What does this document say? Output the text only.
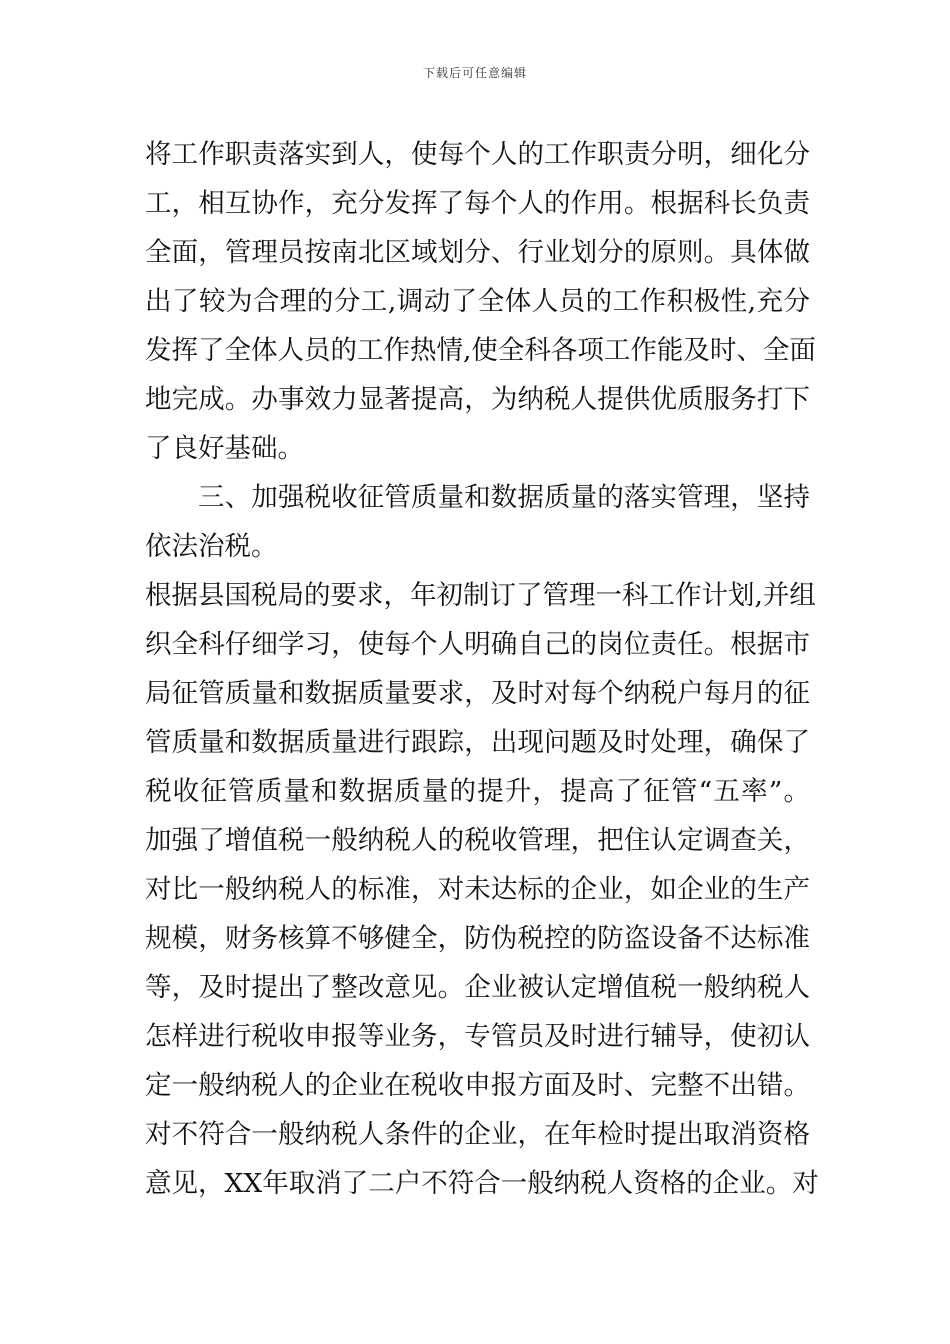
下载后可任意编辑
将工作职责落实到人，使每个人的工作职责分明，细化分
工，相互协作，充分发挥了每个人的作用。根据科长负责
全面，管理员按南北区域划分、行业划分的原则。具体做
出了较为合理的分工,调动了全体人员的工作积极性,充分
发挥了全体人员的工作热情,使全科各项工作能及时、全面
地完成。办事效力显著提高，为纳税人提供优质服务打下
了良好基础。
三、加强税收征管质量和数据质量的落实管理，坚持
依法治税。
根据县国税局的要求，年初制订了管理一科工作计划,并组
织全科仔细学习，使每个人明确自己的岗位责任。根据市
局征管质量和数据质量要求，及时对每个纳税户每月的征
管质量和数据质量进行跟踪，出现问题及时处理，确保了
税收征管质量和数据质量的提升，提高了征管“五率”。
加强了增值税一般纳税人的税收管理，把住认定调查关，
对比一般纳税人的标准，对未达标的企业，如企业的生产
规模，财务核算不够健全，防伪税控的防盗设备不达标准
等，及时提出了整改意见。企业被认定增值税一般纳税人
怎样进行税收申报等业务，专管员及时进行辅导，使初认
定一般纳税人的企业在税收申报方面及时、完整不出错。
对不符合一般纳税人条件的企业，在年检时提出取消资格
意见，XX年取消了二户不符合一般纳税人资格的企业。对
